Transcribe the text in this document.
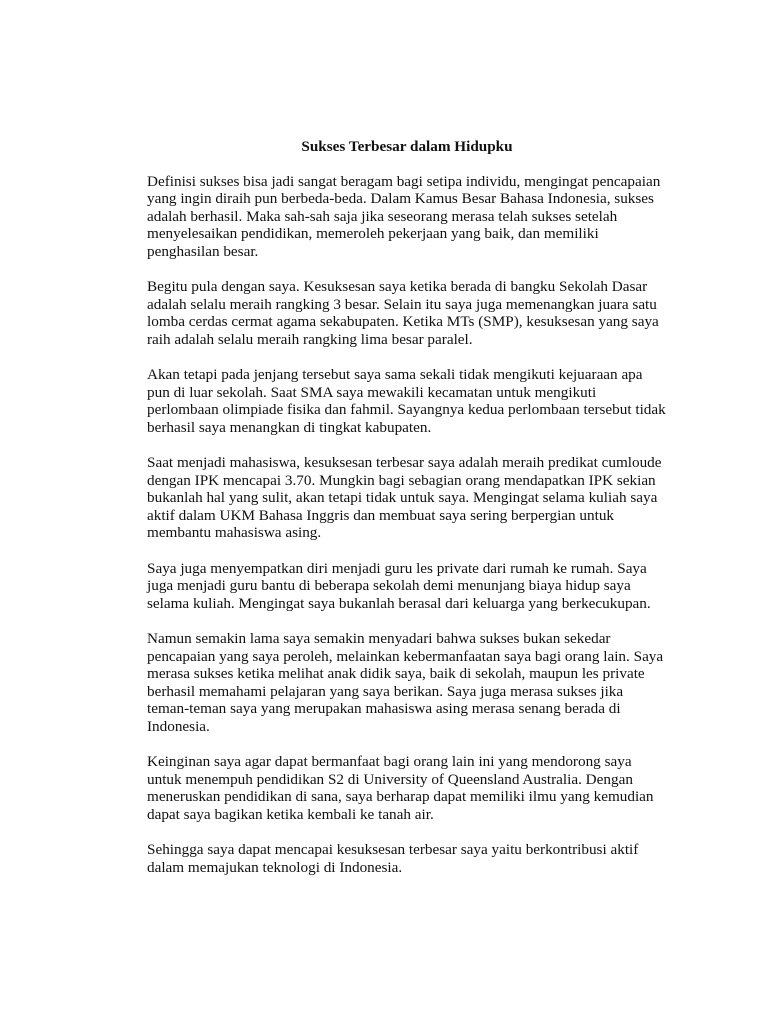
Sukses Terbesar dalam Hidupku

Definisi sukses bisa jadi sangat beragam bagi setipa individu, mengingat pencapaian yang ingin diraih pun berbeda-beda. Dalam Kamus Besar Bahasa Indonesia, sukses adalah berhasil. Maka sah-sah saja jika seseorang merasa telah sukses setelah menyelesaikan pendidikan, memeroleh pekerjaan yang baik, dan memiliki penghasilan besar.

Begitu pula dengan saya. Kesuksesan saya ketika berada di bangku Sekolah Dasar adalah selalu meraih rangking 3 besar. Selain itu saya juga memenangkan juara satu lomba cerdas cermat agama sekabupaten. Ketika MTs (SMP), kesuksesan yang saya raih adalah selalu meraih rangking lima besar paralel.

Akan tetapi pada jenjang tersebut saya sama sekali tidak mengikuti kejuaraan apa pun di luar sekolah. Saat SMA saya mewakili kecamatan untuk mengikuti perlombaan olimpiade fisika dan fahmil. Sayangnya kedua perlombaan tersebut tidak berhasil saya menangkan di tingkat kabupaten.

Saat menjadi mahasiswa, kesuksesan terbesar saya adalah meraih predikat cumloude dengan IPK mencapai 3.70. Mungkin bagi sebagian orang mendapatkan IPK sekian bukanlah hal yang sulit, akan tetapi tidak untuk saya. Mengingat selama kuliah saya aktif dalam UKM Bahasa Inggris dan membuat saya sering berpergian untuk membantu mahasiswa asing.

Saya juga menyempatkan diri menjadi guru les private dari rumah ke rumah. Saya juga menjadi guru bantu di beberapa sekolah demi menunjang biaya hidup saya selama kuliah. Mengingat saya bukanlah berasal dari keluarga yang berkecukupan.

Namun semakin lama saya semakin menyadari bahwa sukses bukan sekedar pencapaian yang saya peroleh, melainkan kebermanfaatan saya bagi orang lain. Saya merasa sukses ketika melihat anak didik saya, baik di sekolah, maupun les private berhasil memahami pelajaran yang saya berikan. Saya juga merasa sukses jika teman-teman saya yang merupakan mahasiswa asing merasa senang berada di Indonesia.

Keinginan saya agar dapat bermanfaat bagi orang lain ini yang mendorong saya untuk menempuh pendidikan S2 di University of Queensland Australia. Dengan meneruskan pendidikan di sana, saya berharap dapat memiliki ilmu yang kemudian dapat saya bagikan ketika kembali ke tanah air.

Sehingga saya dapat mencapai kesuksesan terbesar saya yaitu berkontribusi aktif dalam memajukan teknologi di Indonesia.
